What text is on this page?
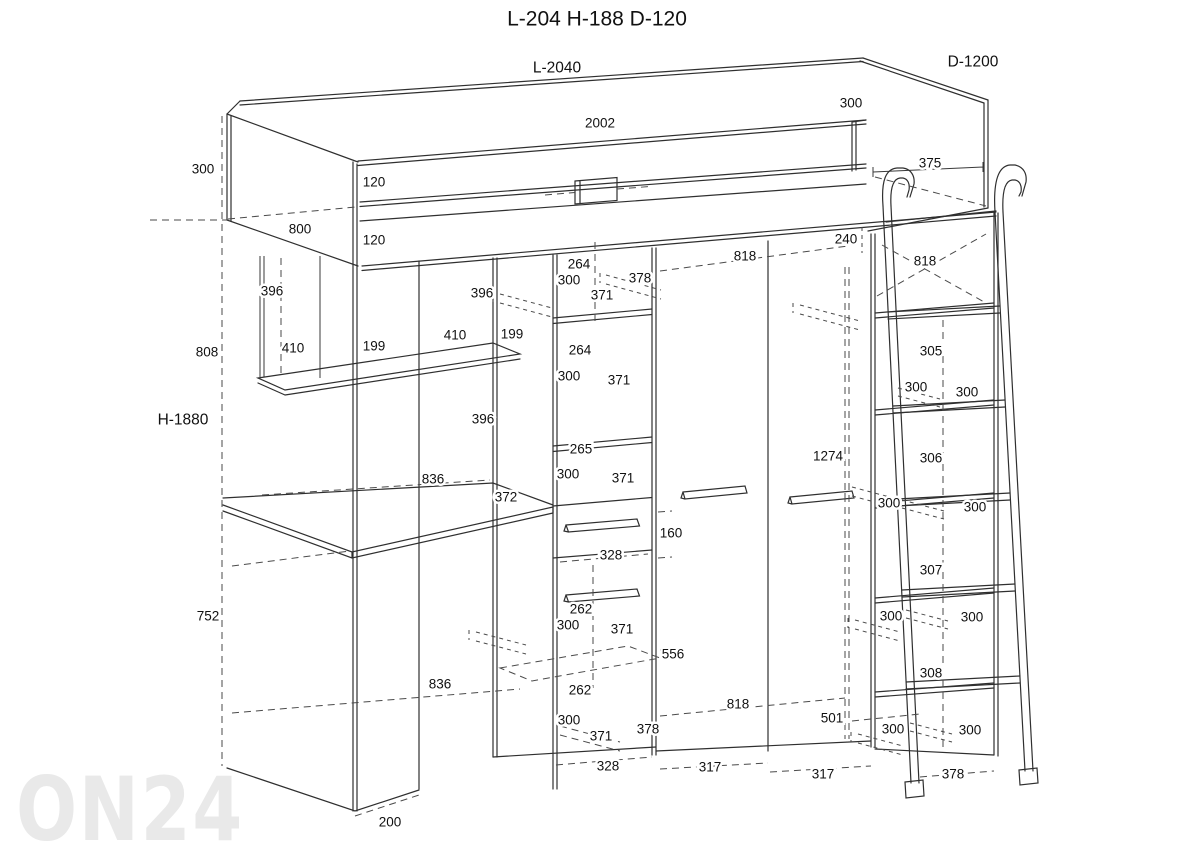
ON24
L-204 H-188 D-120
L-2040	D-1200
H-1880
300
2002
300	375
120
800
120	240
818	818
264
378
300
396	396	371
410	199
808
410	199
264	305
300 371	300 300
396
265	1274	306
300 371
836
372	300	300
160
328
307
262
752	300	300
300 371
556
308
836	262
818
501
300
378	300	300
371
328	317	317	378
200
